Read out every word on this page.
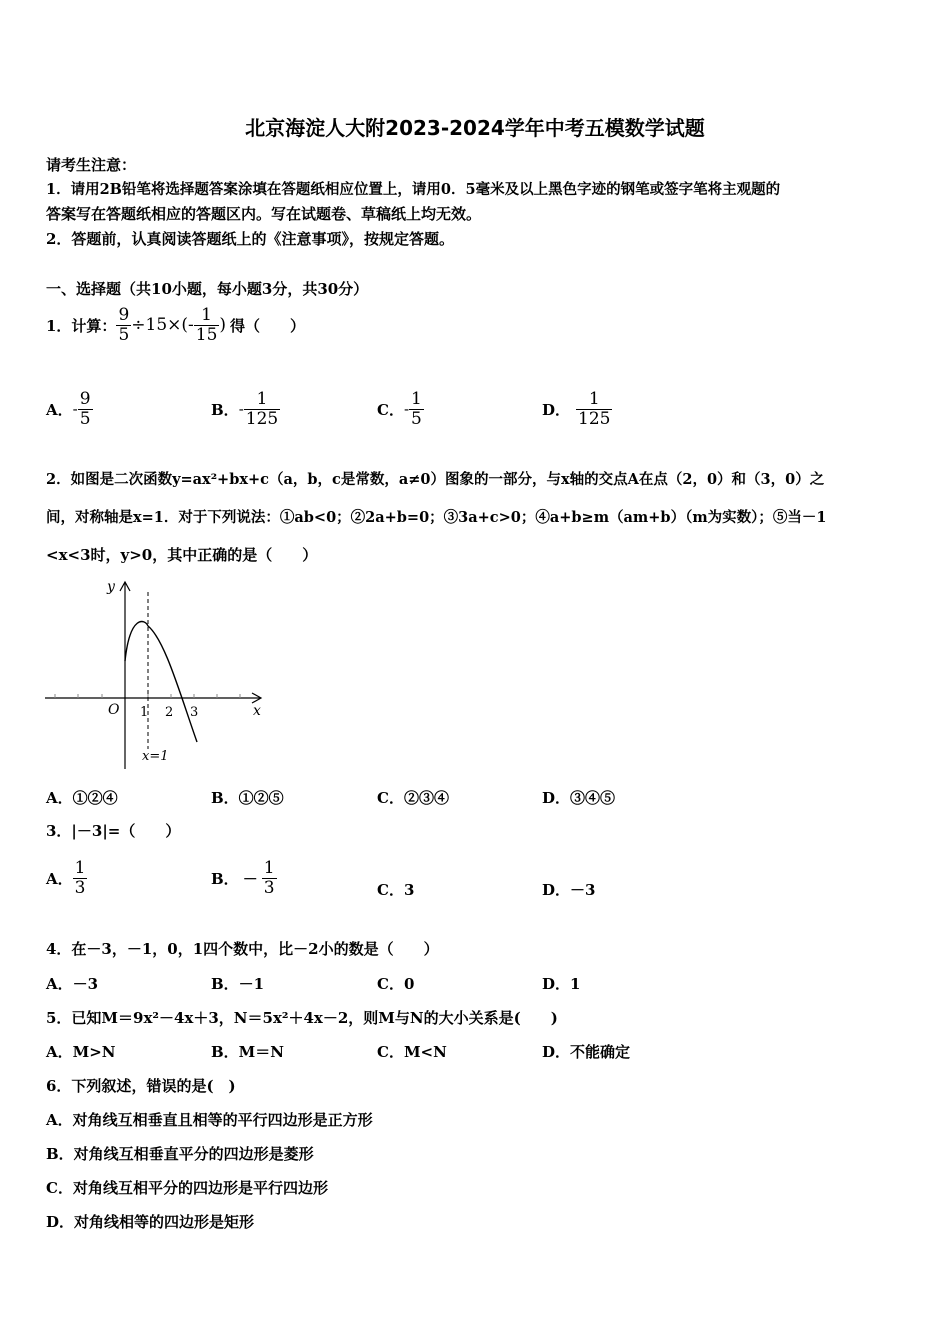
北京海淀人大附2023-2024学年中考五模数学试题
请考生注意：
1．请用2B铅笔将选择题答案涂填在答题纸相应位置上，请用0．5毫米及以上黑色字迹的钢笔或签字笔将主观题的
答案写在答题纸相应的答题区内。写在试题卷、草稿纸上均无效。
2．答题前，认真阅读答题纸上的《注意事项》，按规定答题。
一、选择题（共10小题，每小题3分，共30分）
1．计算： $\frac{9}{5} \div 15\times(- \frac{1}{15}$ ) 得（　　）
A． - $\frac{9}{5}$	B． - $\frac{1}{125}$	C． - $\frac{1}{5}$	D． $\frac{1}{125}$
2．如图是二次函数y=ax²+bx+c（a，b，c是常数，a≠0）图象的一部分，与x轴的交点A在点（2，0）和（3，0）之
间，对称轴是x=1．对于下列说法：①ab<0；②2a+b=0；③3a+c>0；④a+b≥m（am+b）（m为实数）；⑤当－1
<x<3时，y>0，其中正确的是（　　）
y
x
O 1 2 3
x=1
A．①②④	B．①②⑤	C．②③④	D．③④⑤
3．|－3|=（　　）
A． $\frac{1}{3}$	B． － $\frac{1}{3}$	C．3	D．－3
4．在－3，－1，0，1四个数中，比－2小的数是（　　）
A．－3	B．－1	C．0	D．1
5．已知M＝9x²－4x＋3，N＝5x²＋4x－2，则M与N的大小关系是(　　)
A．M>N	B．M＝N	C．M<N	D．不能确定
6．下列叙述，错误的是(　)
A．对角线互相垂直且相等的平行四边形是正方形
B．对角线互相垂直平分的四边形是菱形
C．对角线互相平分的四边形是平行四边形
D．对角线相等的四边形是矩形
